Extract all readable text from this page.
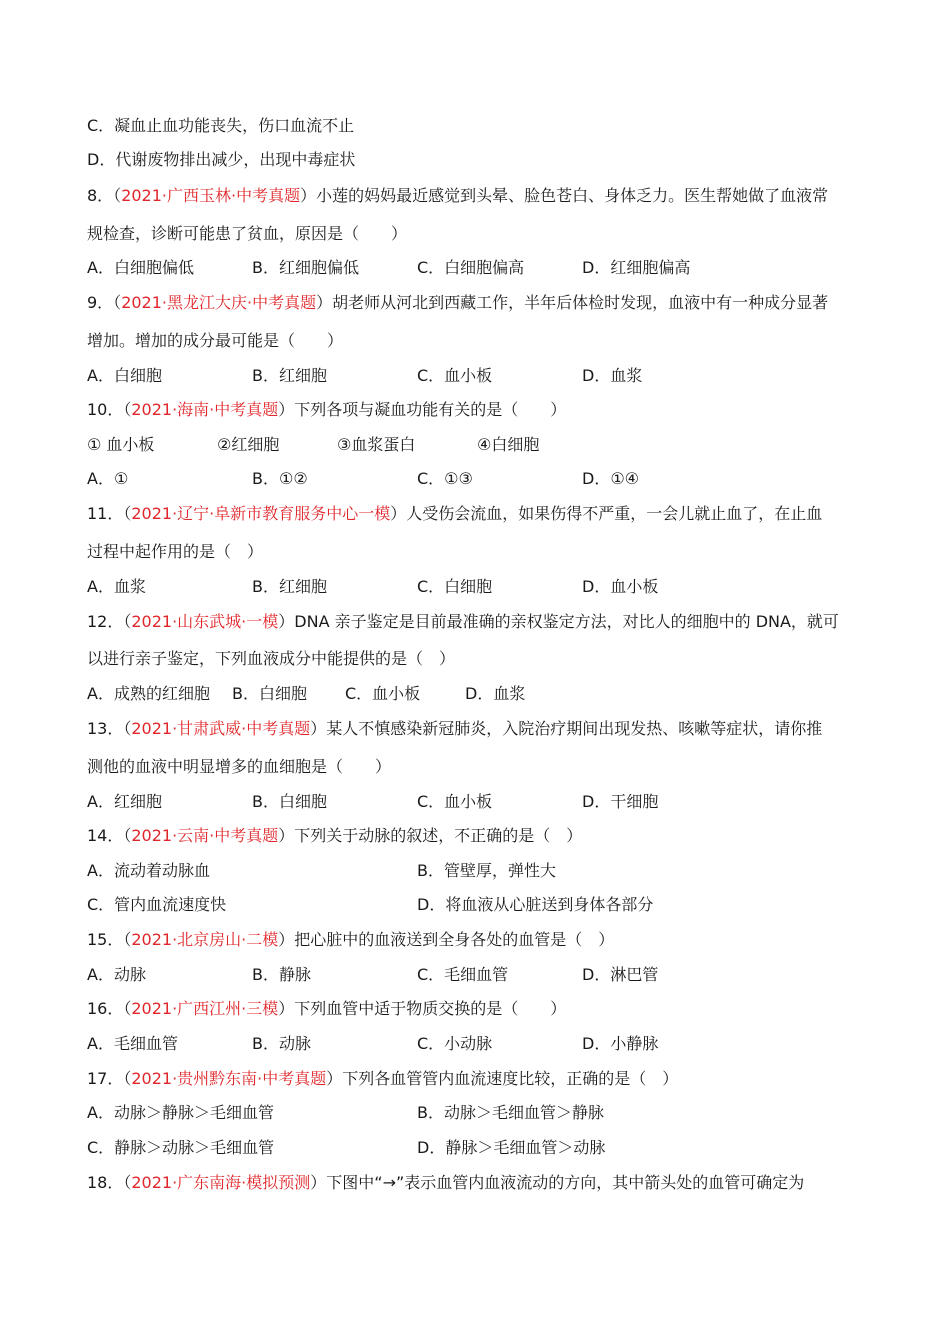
C．凝血止血功能丧失，伤口血流不止
D．代谢废物排出减少，出现中毒症状
8．（2021·广西玉林·中考真题）小莲的妈妈最近感觉到头晕、脸色苍白、身体乏力。医生帮她做了血液常
规检查，诊断可能患了贫血，原因是（　　）
A．白细胞偏低	B．红细胞偏低	C．白细胞偏高	D．红细胞偏高
9．（2021·黑龙江大庆·中考真题）胡老师从河北到西藏工作，半年后体检时发现，血液中有一种成分显著
增加。增加的成分最可能是（　　）
A．白细胞	B．红细胞	C．血小板	D．血浆
10．（2021·海南·中考真题）下列各项与凝血功能有关的是（　　）
① 血小板	②红细胞	③血浆蛋白	④白细胞
A．①	B．①②	C．①③	D．①④
11．（2021·辽宁·阜新市教育服务中心一模）人受伤会流血，如果伤得不严重，一会儿就止血了，在止血
过程中起作用的是（　）
A．血浆	B．红细胞	C．白细胞	D．血小板
12．（2021·山东武城·一模）DNA 亲子鉴定是目前最准确的亲权鉴定方法，对比人的细胞中的 DNA，就可
以进行亲子鉴定，下列血液成分中能提供的是（　）
A．成熟的红细胞 B．白细胞 C．血小板	D．血浆
13．（2021·甘肃武威·中考真题）某人不慎感染新冠肺炎，入院治疗期间出现发热、咳嗽等症状，请你推
测他的血液中明显增多的血细胞是（　　）
A．红细胞	B．白细胞	C．血小板	D．干细胞
14．（2021·云南·中考真题）下列关于动脉的叙述，不正确的是（　）
A．流动着动脉血	B．管壁厚，弹性大
C．管内血流速度快	D．将血液从心脏送到身体各部分
15．（2021·北京房山·二模）把心脏中的血液送到全身各处的血管是（　）
A．动脉	B．静脉	C．毛细血管	D．淋巴管
16．（2021·广西江州·三模）下列血管中适于物质交换的是（　　）
A．毛细血管	B．动脉	C．小动脉	D．小静脉
17．（2021·贵州黔东南·中考真题）下列各血管管内血流速度比较，正确的是（　）
A．动脉＞静脉＞毛细血管	B．动脉＞毛细血管＞静脉
C．静脉＞动脉＞毛细血管	D．静脉＞毛细血管＞动脉
18．（2021·广东南海·模拟预测）下图中“→”表示血管内血液流动的方向，其中箭头处的血管可确定为
